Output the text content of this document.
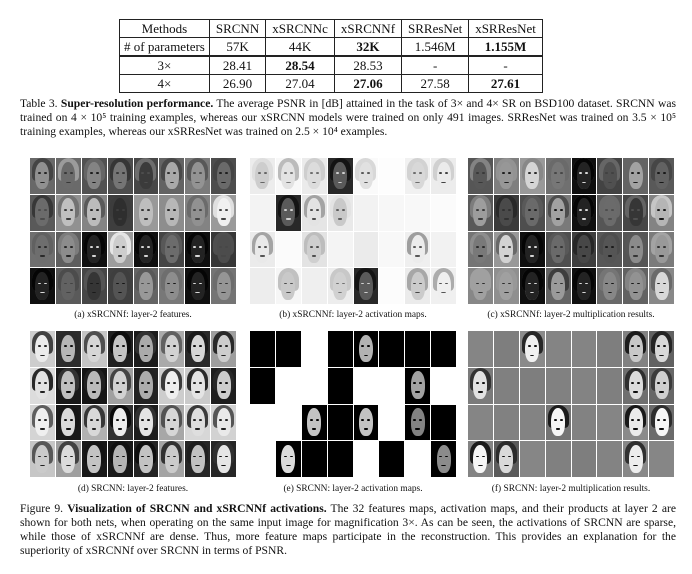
Methods	SRCNN	xSRCNNc	xSRCNNf	SRResNet	xSRResNet
# of parameters	57K	44K	32K	1.546M	1.155M
3×	28.41	28.54	28.53	-	-
4×	26.90	27.04	27.06	27.58	27.61

Table 3. Super-resolution performance. The average PSNR in [dB] attained in the task of 3× and 4× SR on BSD100 dataset. SRCNN was trained on 4 × 10⁵ training examples, whereas our xSRCNN models were trained on only 491 images. SRResNet was trained on 3.5 × 10⁵ training examples, whereas our xSRResNet was trained on 2.5 × 10⁴ examples.

(a) xSRCNNf: layer-2 features.	(b) xSRCNNf: layer-2 activation maps.	(c) xSRCNNf: layer-2 multiplication results.
(d) SRCNN: layer-2 features.	(e) SRCNN: layer-2 activation maps.	(f) SRCNN: layer-2 multiplication results.

Figure 9. Visualization of SRCNN and xSRCNNf activations. The 32 features maps, activation maps, and their products at layer 2 are shown for both nets, when operating on the same input image for magnification 3×. As can be seen, the activations of SRCNN are sparse, while those of xSRCNNf are dense. Thus, more feature maps participate in the reconstruction. This provides an explanation for the superiority of xSRCNNf over SRCNN in terms of PSNR.
